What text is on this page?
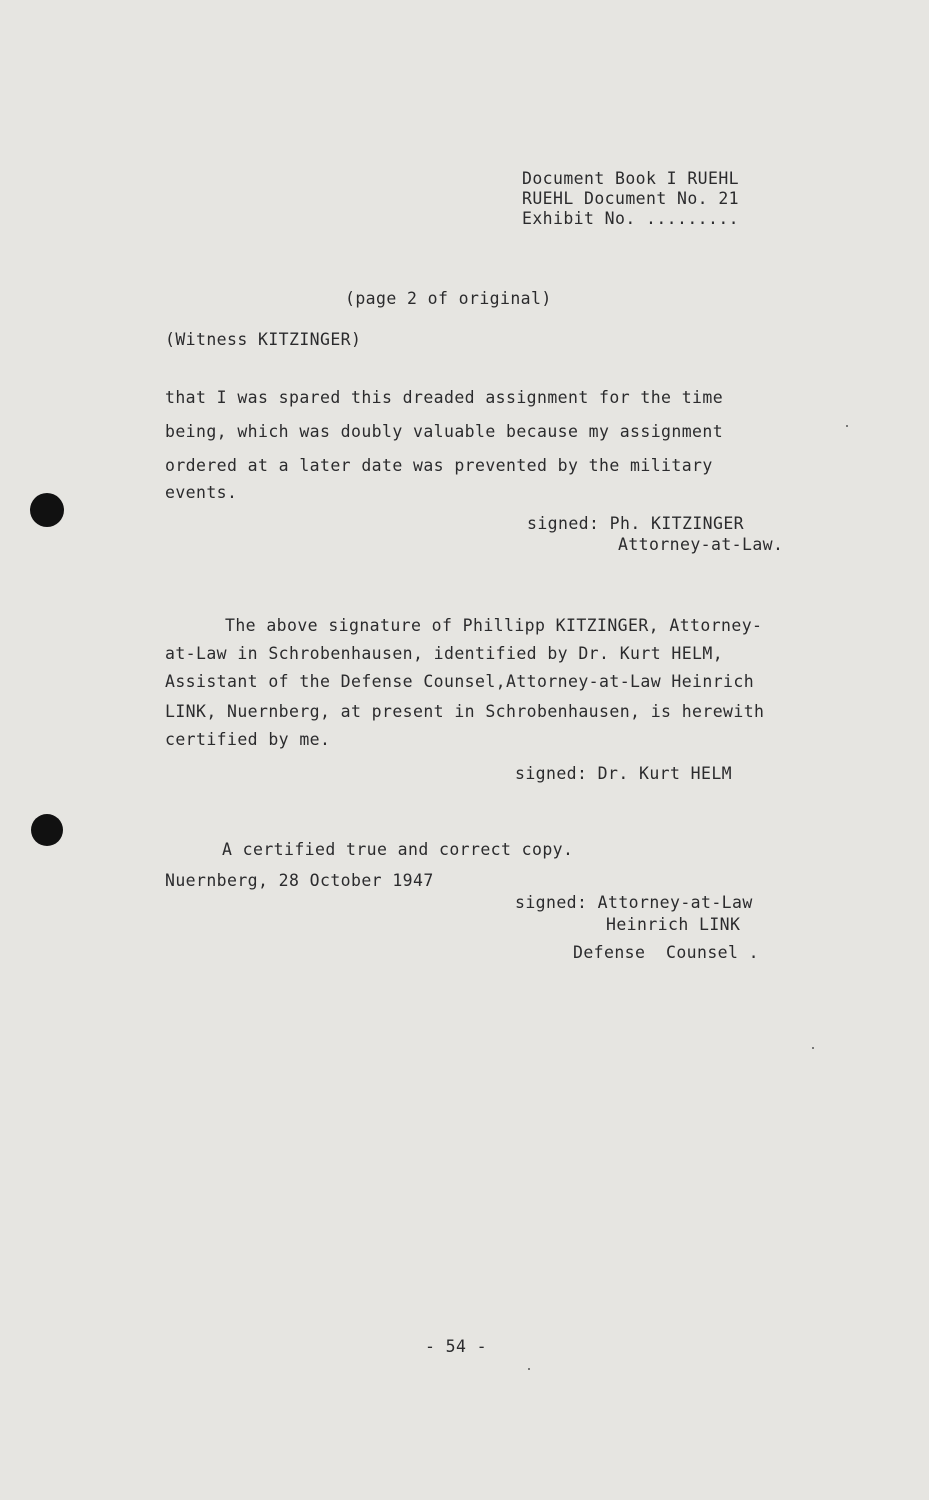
Document Book I RUEHL
RUEHL Document No. 21
Exhibit No. .........
(page 2 of original)
(Witness KITZINGER)
that I was spared this dreaded assignment for the time
being, which was doubly valuable because my assignment
ordered at a later date was prevented by the military
events.
signed: Ph. KITZINGER
Attorney-at-Law.
The above signature of Phillipp KITZINGER, Attorney-
at-Law in Schrobenhausen, identified by Dr. Kurt HELM,
Assistant of the Defense Counsel,Attorney-at-Law Heinrich
LINK, Nuernberg, at present in Schrobenhausen, is herewith
certified by me.
signed: Dr. Kurt HELM
A certified true and correct copy.
Nuernberg, 28 October 1947
signed: Attorney-at-Law
Heinrich LINK
Defense  Counsel .
- 54 -
